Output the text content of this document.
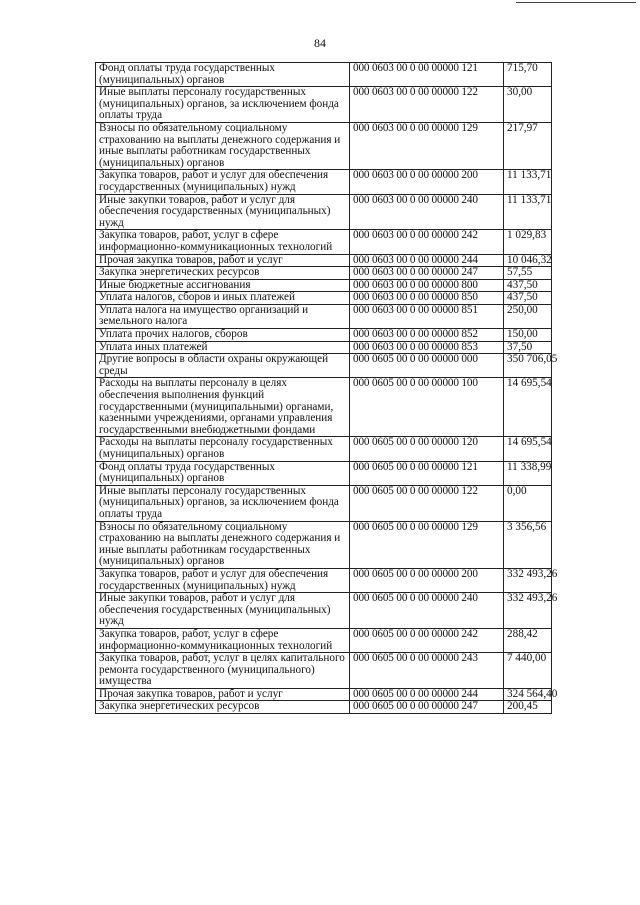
84
Фонд оплаты труда государственных (муниципальных) органов	000 0603 00 0 00 00000 121	715,70
Иные выплаты персоналу государственных (муниципальных) органов, за исключением фонда оплаты труда	000 0603 00 0 00 00000 122	30,00
Взносы по обязательному социальному страхованию на выплаты денежного содержания и иные выплаты работникам государственных (муниципальных) органов	000 0603 00 0 00 00000 129	217,97
Закупка товаров, работ и услуг для обеспечения государственных (муниципальных) нужд	000 0603 00 0 00 00000 200	11 133,71
Иные закупки товаров, работ и услуг для обеспечения государственных (муниципальных) нужд	000 0603 00 0 00 00000 240	11 133,71
Закупка товаров, работ, услуг в сфере информационно-коммуникационных технологий	000 0603 00 0 00 00000 242	1 029,83
Прочая закупка товаров, работ и услуг	000 0603 00 0 00 00000 244	10 046,32
Закупка энергетических ресурсов	000 0603 00 0 00 00000 247	57,55
Иные бюджетные ассигнования	000 0603 00 0 00 00000 800	437,50
Уплата налогов, сборов и иных платежей	000 0603 00 0 00 00000 850	437,50
Уплата налога на имущество организаций и земельного налога	000 0603 00 0 00 00000 851	250,00
Уплата прочих налогов, сборов	000 0603 00 0 00 00000 852	150,00
Уплата иных платежей	000 0603 00 0 00 00000 853	37,50
Другие вопросы в области охраны окружающей среды	000 0605 00 0 00 00000 000	350 706,05
Расходы на выплаты персоналу в целях обеспечения выполнения функций государственными (муниципальными) органами, казенными учреждениями, органами управления государственными внебюджетными фондами	000 0605 00 0 00 00000 100	14 695,54
Расходы на выплаты персоналу государственных (муниципальных) органов	000 0605 00 0 00 00000 120	14 695,54
Фонд оплаты труда государственных (муниципальных) органов	000 0605 00 0 00 00000 121	11 338,99
Иные выплаты персоналу государственных (муниципальных) органов, за исключением фонда оплаты труда	000 0605 00 0 00 00000 122	0,00
Взносы по обязательному социальному страхованию на выплаты денежного содержания и иные выплаты работникам государственных (муниципальных) органов	000 0605 00 0 00 00000 129	3 356,56
Закупка товаров, работ и услуг для обеспечения государственных (муниципальных) нужд	000 0605 00 0 00 00000 200	332 493,26
Иные закупки товаров, работ и услуг для обеспечения государственных (муниципальных) нужд	000 0605 00 0 00 00000 240	332 493,26
Закупка товаров, работ, услуг в сфере информационно-коммуникационных технологий	000 0605 00 0 00 00000 242	288,42
Закупка товаров, работ, услуг в целях капитального ремонта государственного (муниципального) имущества	000 0605 00 0 00 00000 243	7 440,00
Прочая закупка товаров, работ и услуг	000 0605 00 0 00 00000 244	324 564,40
Закупка энергетических ресурсов	000 0605 00 0 00 00000 247	200,45
